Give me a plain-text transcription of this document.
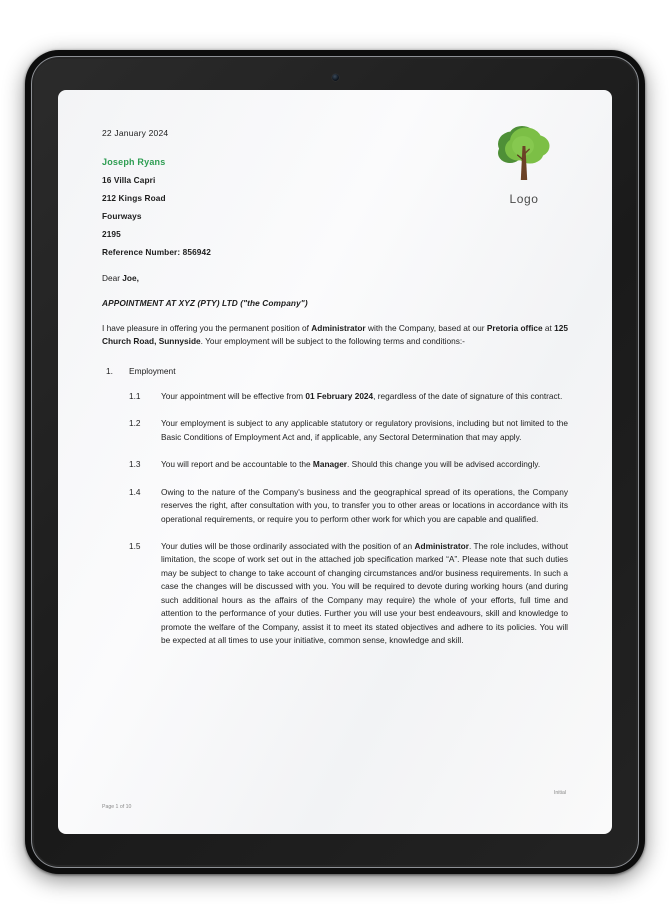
Logo
22 January 2024
Joseph Ryans
16 Villa Capri
212 Kings Road
Fourways
2195
Reference Number: 856942
Dear Joe,
APPOINTMENT AT XYZ (PTY) LTD ("the Company")
I have pleasure in offering you the permanent position of Administrator with the Company, based at our Pretoria office at 125 Church Road, Sunnyside. Your employment will be subject to the following terms and conditions:-
1. Employment
1.1	Your appointment will be effective from 01 February 2024, regardless of the date of signature of this contract.
1.2	Your employment is subject to any applicable statutory or regulatory provisions, including but not limited to the Basic Conditions of Employment Act and, if applicable, any Sectoral Determination that may apply.
1.3	You will report and be accountable to the Manager. Should this change you will be advised accordingly.
1.4	Owing to the nature of the Company's business and the geographical spread of its operations, the Company reserves the right, after consultation with you, to transfer you to other areas or locations in accordance with its operational requirements, or require you to perform other work for which you are capable and qualified.
1.5	Your duties will be those ordinarily associated with the position of an Administrator. The role includes, without limitation, the scope of work set out in the attached job specification marked “A”. Please note that such duties may be subject to change to take account of changing circumstances and/or business requirements. In such a case the changes will be discussed with you. You will be required to devote during working hours (and during such additional hours as the affairs of the Company may require) the whole of your efforts, full time and attention to the performance of your duties. Further you will use your best endeavours, skill and knowledge to promote the welfare of the Company, assist it to meet its stated objectives and adhere to its policies. You will be expected at all times to use your initiative, common sense, knowledge and skill.
Initial
Page 1 of 10
